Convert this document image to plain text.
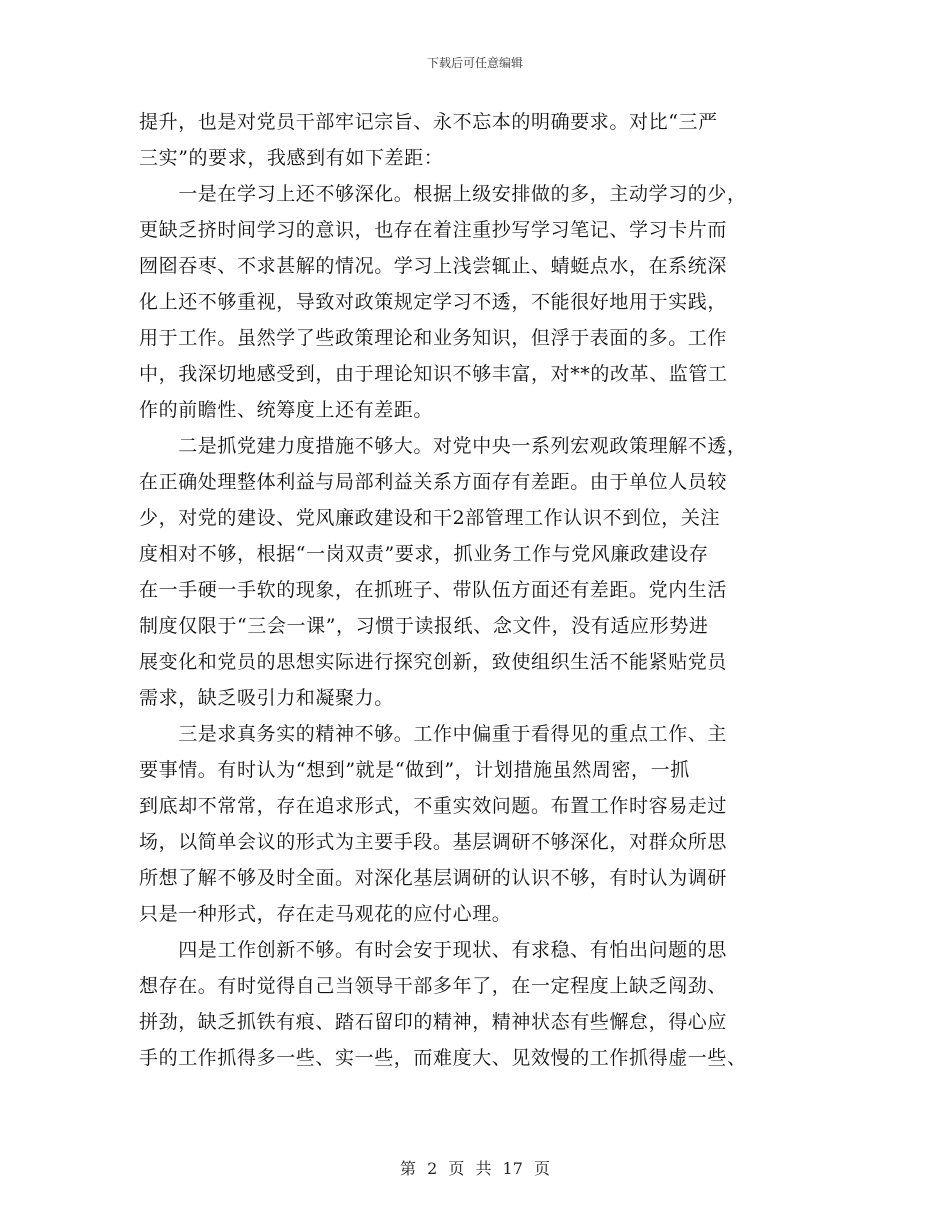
下载后可任意编辑
提升，也是对党员干部牢记宗旨、永不忘本的明确要求。对比“三严
三实”的要求，我感到有如下差距：
　　一是在学习上还不够深化。根据上级安排做的多，主动学习的少，
更缺乏挤时间学习的意识，也存在着注重抄写学习笔记、学习卡片而
囫囵吞枣、不求甚解的情况。学习上浅尝辄止、蜻蜓点水，在系统深
化上还不够重视，导致对政策规定学习不透，不能很好地用于实践，
用于工作。虽然学了些政策理论和业务知识，但浮于表面的多。工作
中，我深切地感受到，由于理论知识不够丰富，对**的改革、监管工
作的前瞻性、统筹度上还有差距。
　　二是抓党建力度措施不够大。对党中央一系列宏观政策理解不透，
在正确处理整体利益与局部利益关系方面存有差距。由于单位人员较
少，对党的建设、党风廉政建设和干2部管理工作认识不到位，关注
度相对不够，根据“一岗双责”要求，抓业务工作与党风廉政建设存
在一手硬一手软的现象，在抓班子、带队伍方面还有差距。党内生活
制度仅限于“三会一课”，习惯于读报纸、念文件，没有适应形势进
展变化和党员的思想实际进行探究创新，致使组织生活不能紧贴党员
需求，缺乏吸引力和凝聚力。
　　三是求真务实的精神不够。工作中偏重于看得见的重点工作、主
要事情。有时认为“想到”就是“做到”，计划措施虽然周密，一抓
到底却不常常，存在追求形式，不重实效问题。布置工作时容易走过
场，以简单会议的形式为主要手段。基层调研不够深化，对群众所思
所想了解不够及时全面。对深化基层调研的认识不够，有时认为调研
只是一种形式，存在走马观花的应付心理。
　　四是工作创新不够。有时会安于现状、有求稳、有怕出问题的思
想存在。有时觉得自己当领导干部多年了，在一定程度上缺乏闯劲、
拼劲，缺乏抓铁有痕、踏石留印的精神，精神状态有些懈怠，得心应
手的工作抓得多一些、实一些，而难度大、见效慢的工作抓得虚一些、
第 2 页 共 17 页
